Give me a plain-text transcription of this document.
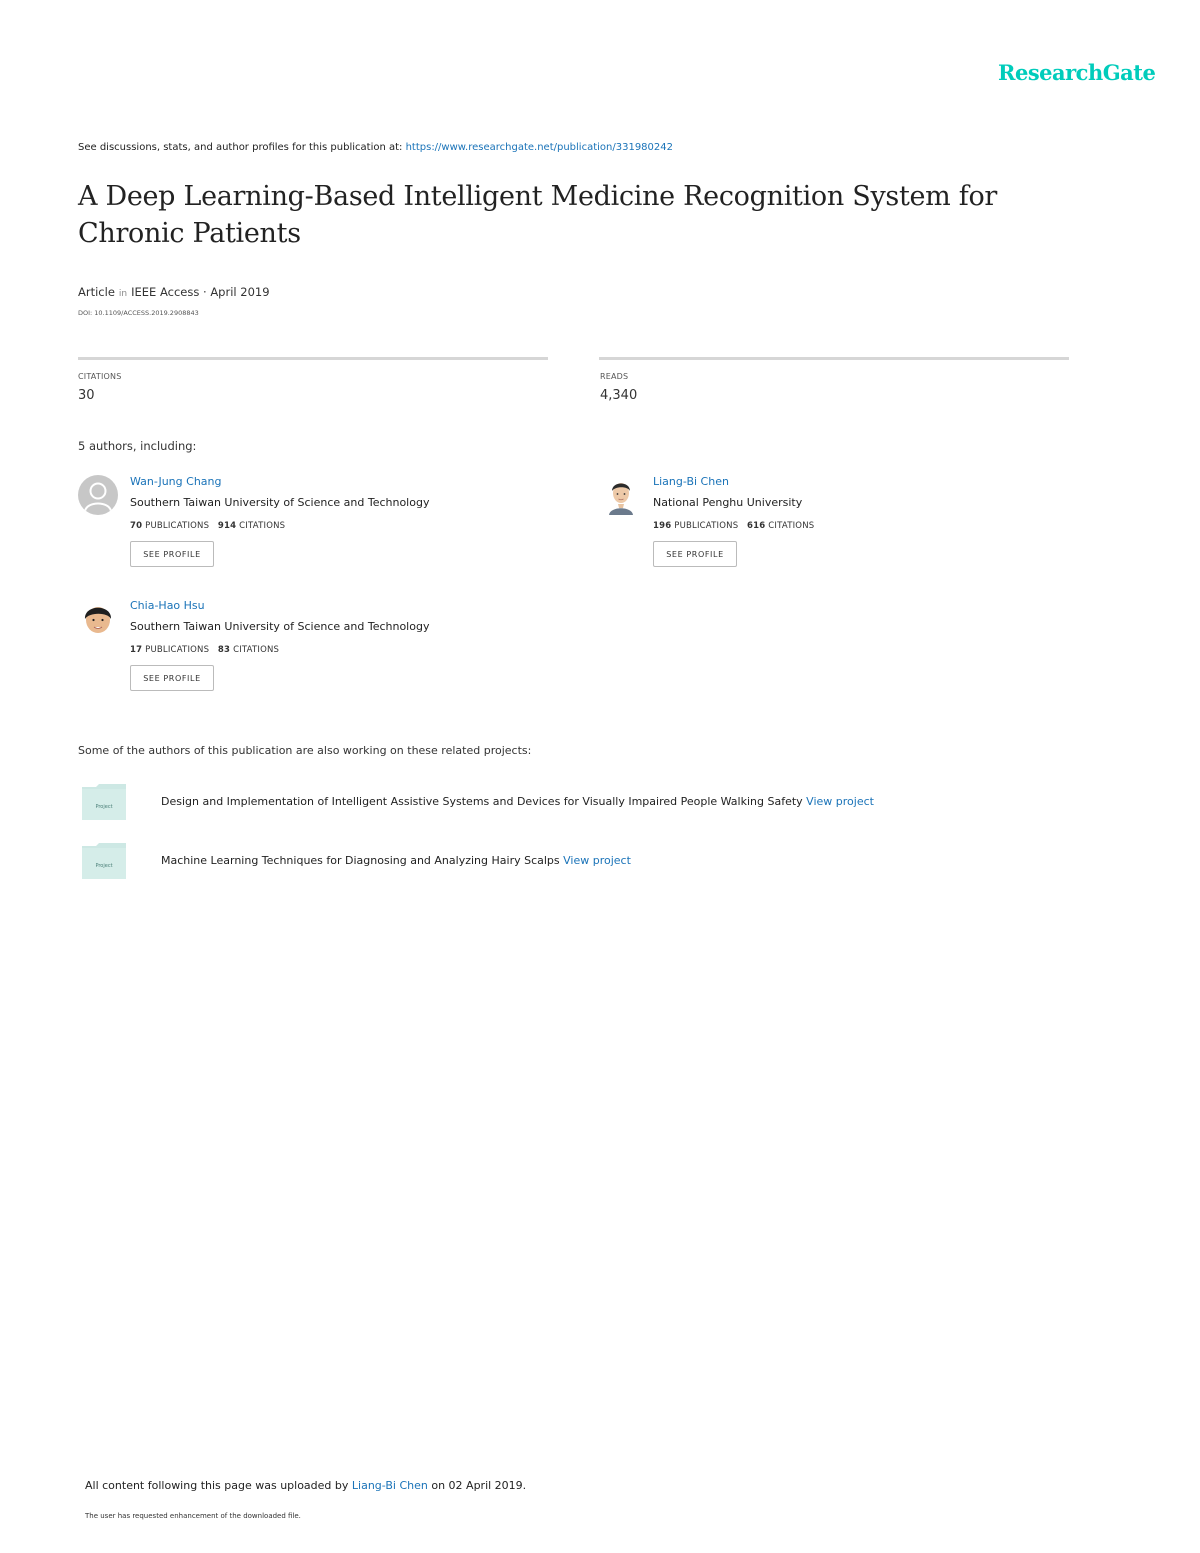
ResearchGate
See discussions, stats, and author profiles for this publication at: https://www.researchgate.net/publication/331980242
A Deep Learning-Based Intelligent Medicine Recognition System for Chronic Patients
Article in IEEE Access · April 2019
DOI: 10.1109/ACCESS.2019.2908843
CITATIONS
30
READS
4,340
5 authors, including:
Wan-Jung Chang
Southern Taiwan University of Science and Technology
70 PUBLICATIONS 914 CITATIONS
SEE PROFILE
Liang-Bi Chen
National Penghu University
196 PUBLICATIONS 616 CITATIONS
SEE PROFILE
Chia-Hao Hsu
Southern Taiwan University of Science and Technology
17 PUBLICATIONS 83 CITATIONS
SEE PROFILE
Some of the authors of this publication are also working on these related projects:
Project	Design and Implementation of Intelligent Assistive Systems and Devices for Visually Impaired People Walking Safety View project
Project	Machine Learning Techniques for Diagnosing and Analyzing Hairy Scalps View project
All content following this page was uploaded by Liang-Bi Chen on 02 April 2019.
The user has requested enhancement of the downloaded file.
